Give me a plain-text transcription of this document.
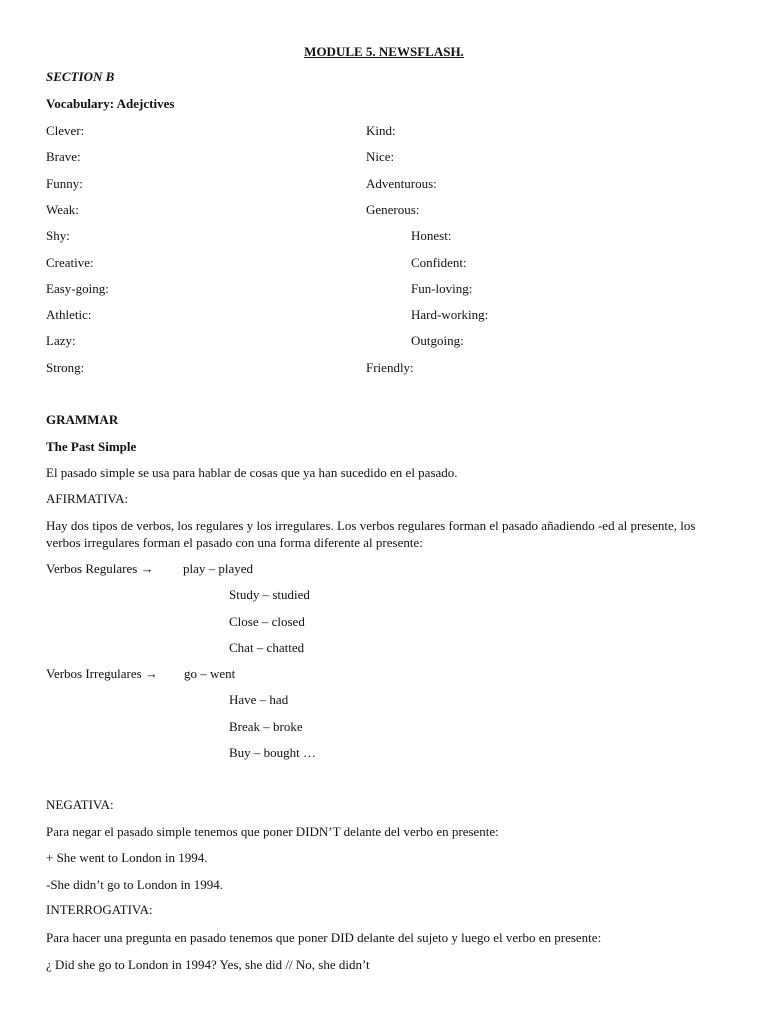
MODULE 5. NEWSFLASH.
SECTION B
Vocabulary: Adejctives
Clever:
Brave:
Funny:
Weak:
Shy:
Creative:
Easy-going:
Athletic:
Lazy:
Strong:
Kind:
Nice:
Adventurous:
Generous:
Honest:
Confident:
Fun-loving:
Hard-working:
Outgoing:
Friendly:
GRAMMAR
The Past Simple
El pasado simple se usa para hablar de cosas que ya han sucedido en el pasado.
AFIRMATIVA:
Hay dos tipos de verbos, los regulares y los irregulares. Los verbos regulares forman el pasado añadiendo -ed al presente, los verbos irregulares forman el pasado con una forma diferente al presente:
Verbos Regulares → play – played
Study – studied
Close – closed
Chat – chatted
Verbos Irregulares → go – went
Have – had
Break – broke
Buy – bought …
NEGATIVA:
Para negar el pasado simple tenemos que poner DIDN’T delante del verbo en presente:
+ She went to London in 1994.
-She didn’t go to London in 1994.
INTERROGATIVA:
Para hacer una pregunta en pasado tenemos que poner DID delante del sujeto y luego el verbo en presente:
¿ Did she go to London in 1994? Yes, she did // No, she didn’t
